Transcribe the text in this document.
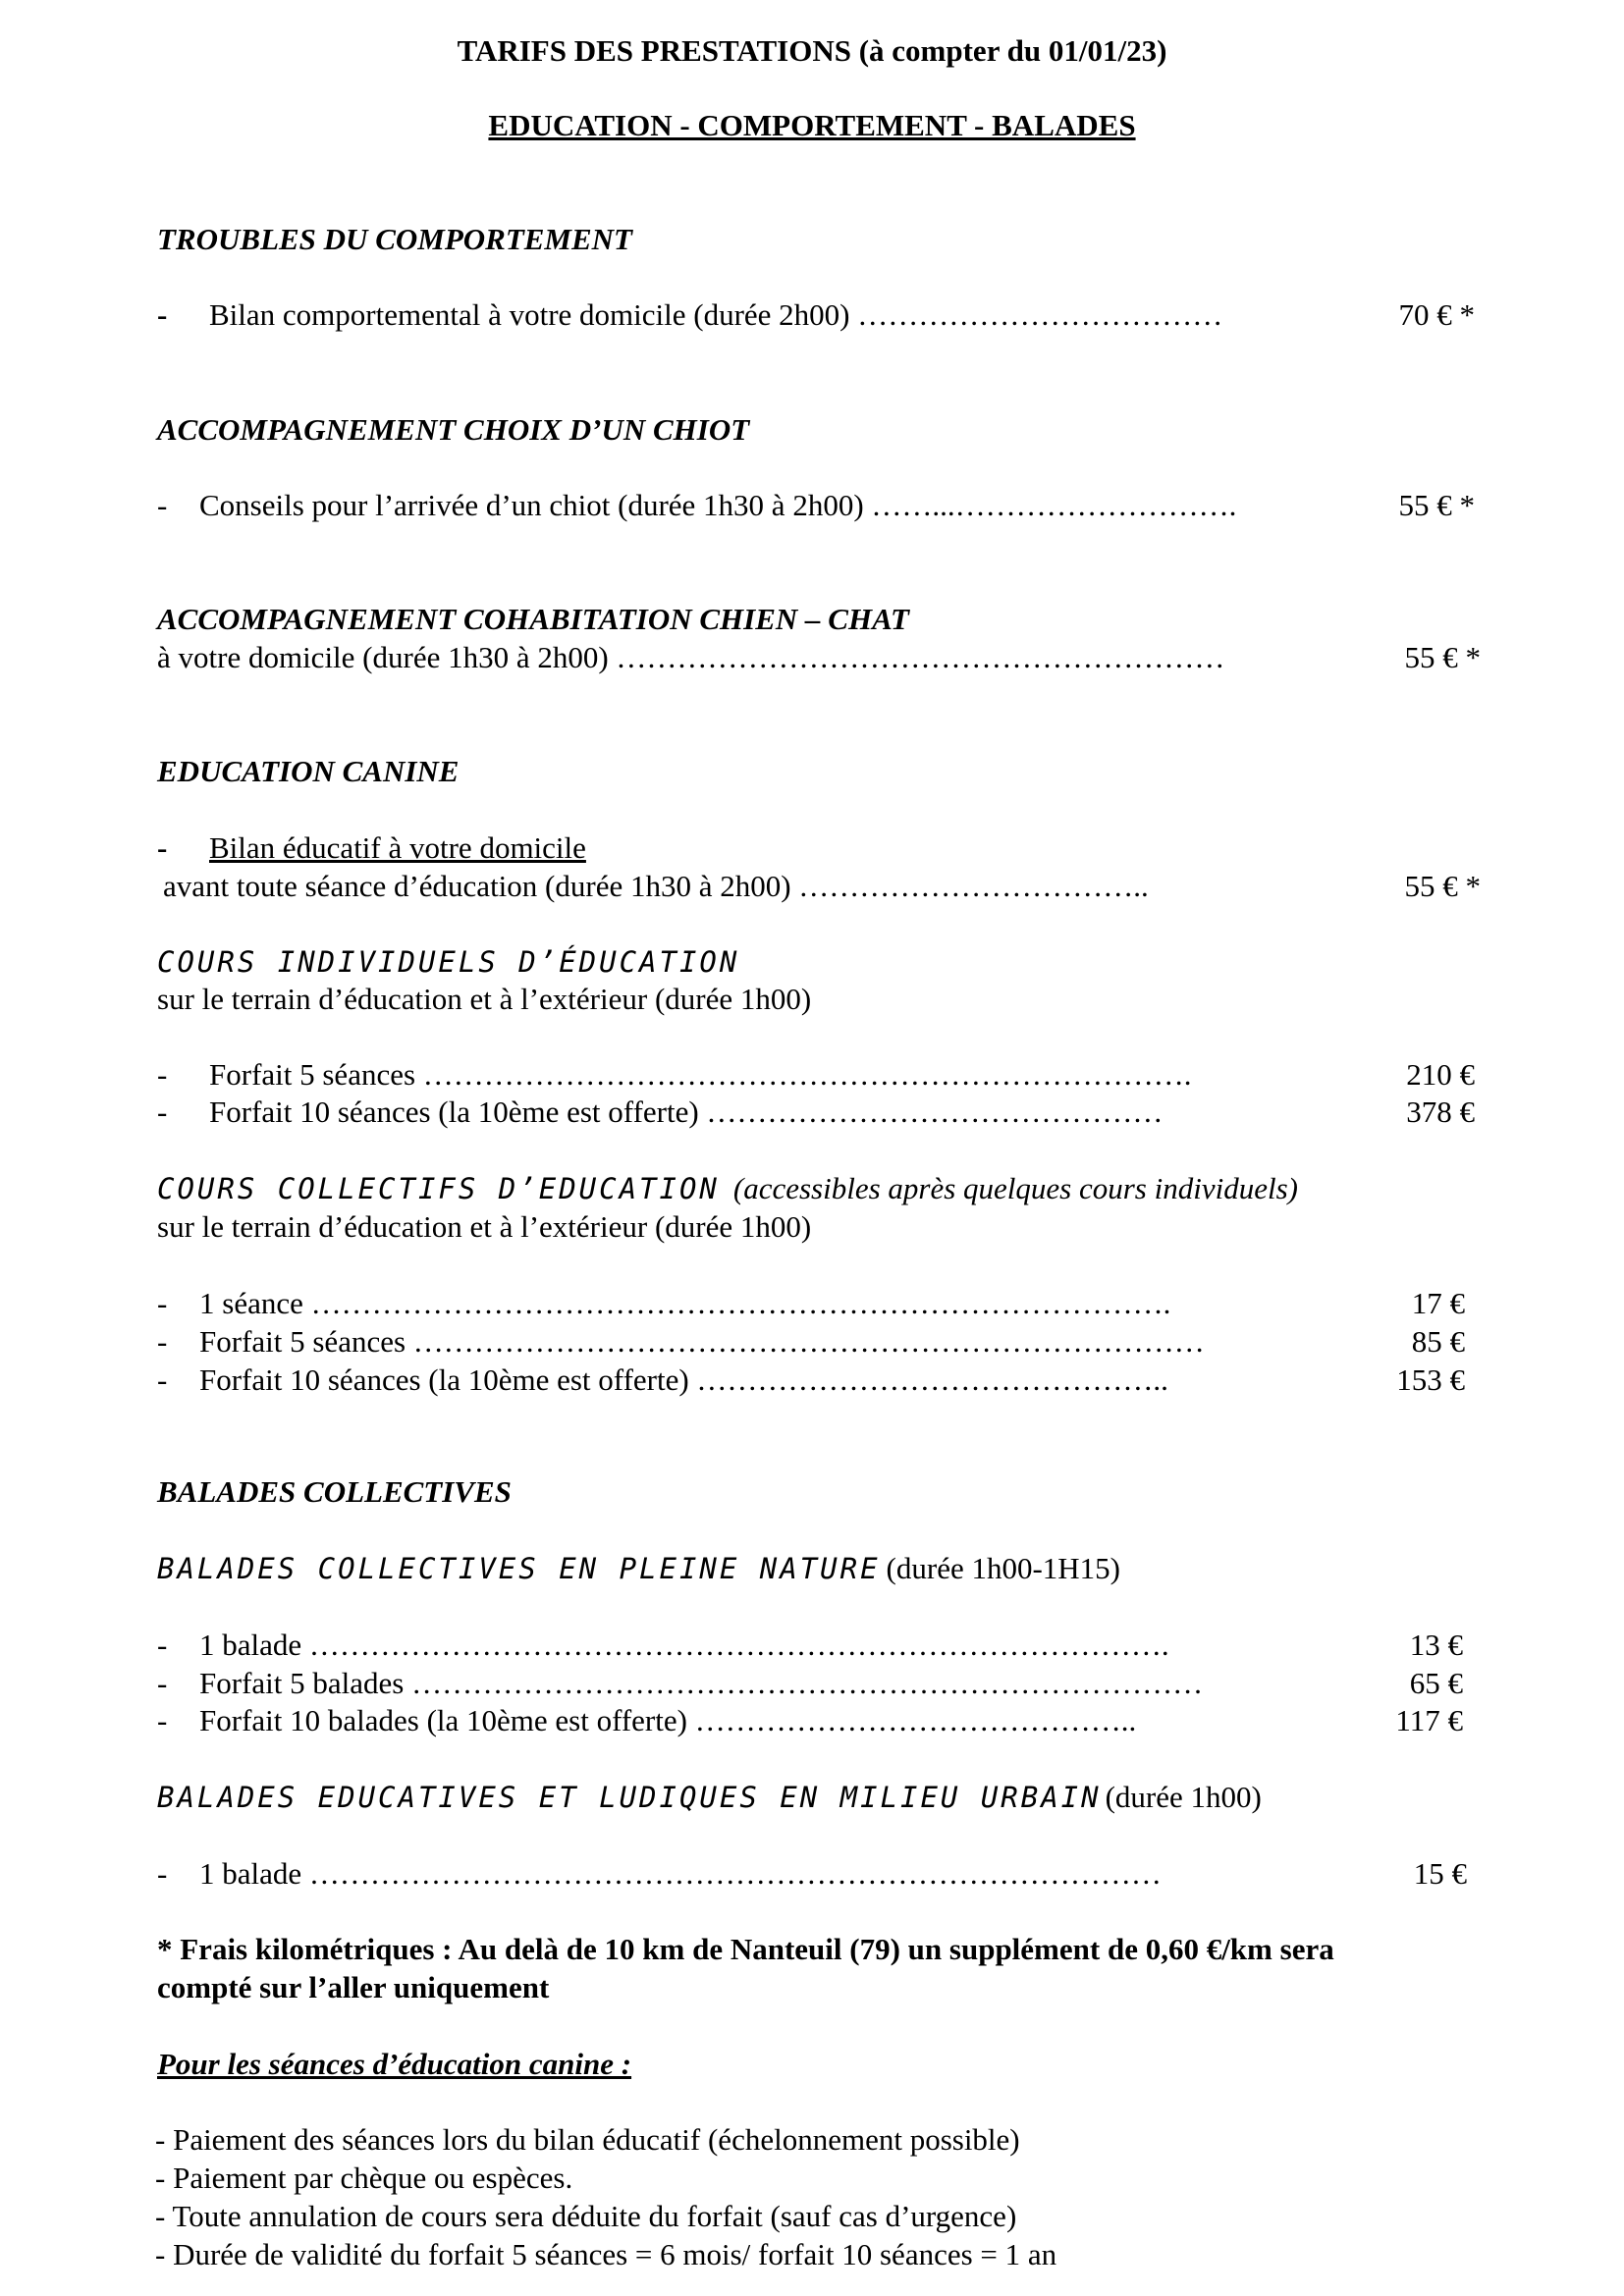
TARIFS DES PRESTATIONS (à compter du 01/01/23)
EDUCATION - COMPORTEMENT - BALADES
TROUBLES DU COMPORTEMENT
- Bilan comportemental à votre domicile (durée 2h00) ………………………………	70 € *
ACCOMPAGNEMENT CHOIX D’UN CHIOT
- Conseils pour l’arrivée d’un chiot (durée 1h30 à 2h00) ……...……………………….	55 € *
ACCOMPAGNEMENT COHABITATION CHIEN – CHAT
à votre domicile (durée 1h30 à 2h00) ……………………………………………………	55 € *
EDUCATION CANINE
- Bilan éducatif à votre domicile
avant toute séance d’éducation (durée 1h30 à 2h00) ……………………………..	55 € *
COURS INDIVIDUELS D’ÉDUCATION
sur le terrain d’éducation et à l’extérieur (durée 1h00)
- Forfait 5 séances ………………………………………………………………….	210 €
- Forfait 10 séances (la 10ème est offerte) ………………………………………	378 €
COURS COLLECTIFS D’EDUCATION (accessibles après quelques cours individuels)
sur le terrain d’éducation et à l’extérieur (durée 1h00)
- 1 séance ………………………………………………………………………….	17 €
- Forfait 5 séances ……………………………………………………………………	85 €
- Forfait 10 séances (la 10ème est offerte) ………………………………………..	153 €
BALADES COLLECTIVES
BALADES COLLECTIVES EN PLEINE NATURE (durée 1h00-1H15)
- 1 balade ………………………………………………………………………….	13 €
- Forfait 5 balades ……………………………………………………………………	65 €
- Forfait 10 balades (la 10ème est offerte) ……………………………………..	117 €
BALADES EDUCATIVES ET LUDIQUES EN MILIEU URBAIN (durée 1h00)
- 1 balade …………………………………………………………………………	15 €
* Frais kilométriques : Au delà de 10 km de Nanteuil (79) un supplément de 0,60 €/km sera
compté sur l’aller uniquement
Pour les séances d’éducation canine :
- Paiement des séances lors du bilan éducatif (échelonnement possible)
- Paiement par chèque ou espèces.
- Toute annulation de cours sera déduite du forfait (sauf cas d’urgence)
- Durée de validité du forfait 5 séances = 6 mois/ forfait 10 séances = 1 an
